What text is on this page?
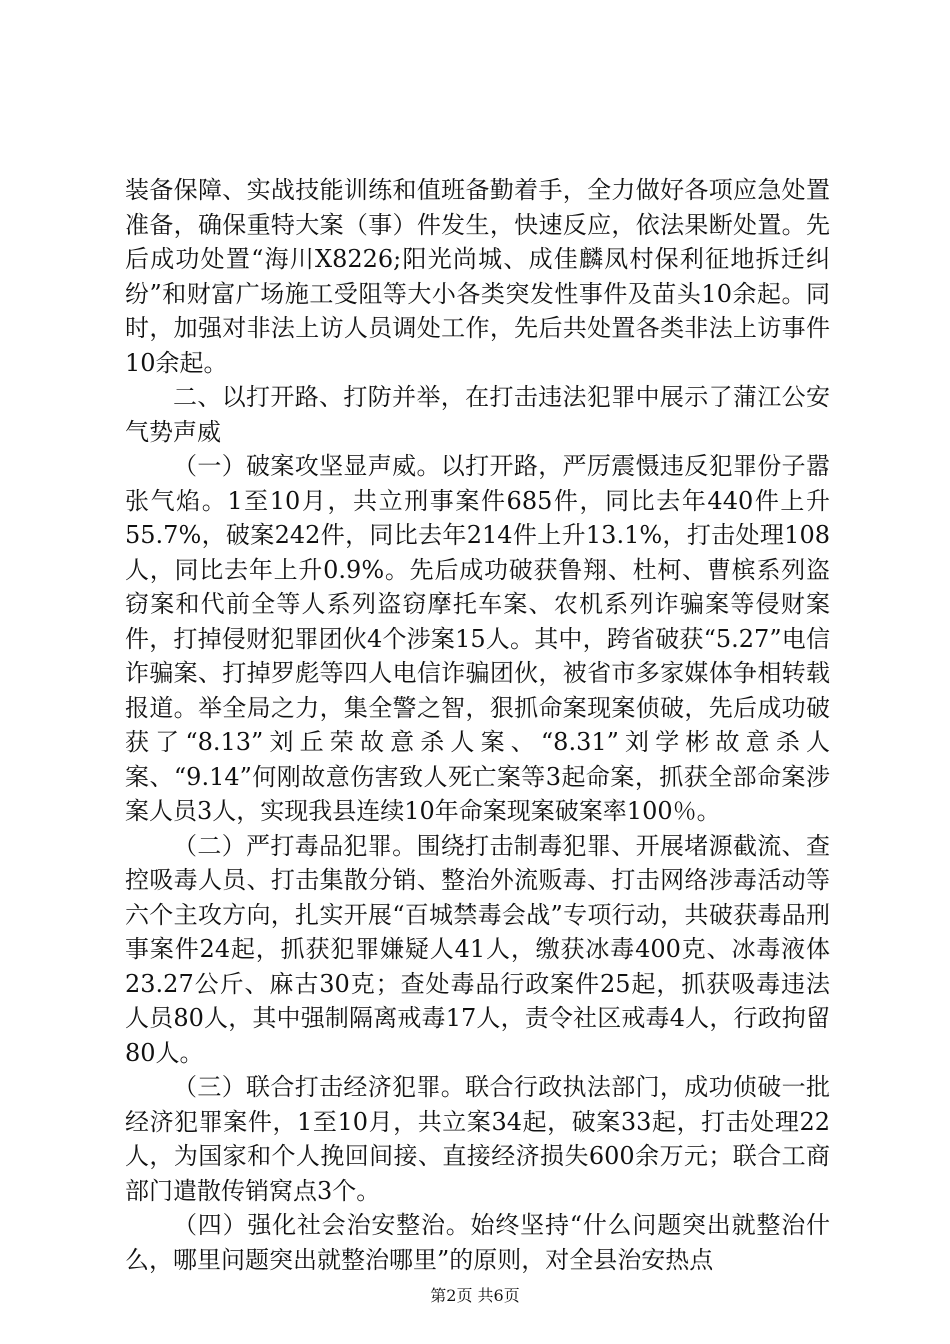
装备保障、实战技能训练和值班备勤着手，全力做好各项应急处置准备，确保重特大案（事）件发生，快速反应，依法果断处置。先后成功处置“海川X8226;阳光尚城、成佳麟凤村保利征地拆迁纠纷”和财富广场施工受阻等大小各类突发性事件及苗头10余起。同时，加强对非法上访人员调处工作，先后共处置各类非法上访事件10余起。

二、以打开路、打防并举，在打击违法犯罪中展示了蒲江公安气势声威

（一）破案攻坚显声威。以打开路，严厉震慑违反犯罪份子嚣张气焰。1至10月，共立刑事案件685件，同比去年440件上升55.7%，破案242件，同比去年214件上升13.1%，打击处理108人，同比去年上升0.9%。先后成功破获鲁翔、杜柯、曹槟系列盗窃案和代前全等人系列盗窃摩托车案、农机系列诈骗案等侵财案件，打掉侵财犯罪团伙4个涉案15人。其中，跨省破获“5.27”电信诈骗案、打掉罗彪等四人电信诈骗团伙，被省市多家媒体争相转载报道。举全局之力，集全警之智，狠抓命案现案侦破，先后成功破获了“8.13”刘丘荣故意杀人案、“8.31”刘学彬故意杀人案、“9.14”何刚故意伤害致人死亡案等3起命案，抓获全部命案涉案人员3人，实现我县连续10年命案现案破案率100％。

（二）严打毒品犯罪。围绕打击制毒犯罪、开展堵源截流、查控吸毒人员、打击集散分销、整治外流贩毒、打击网络涉毒活动等六个主攻方向，扎实开展“百城禁毒会战”专项行动，共破获毒品刑事案件24起，抓获犯罪嫌疑人41人，缴获冰毒400克、冰毒液体23.27公斤、麻古30克；查处毒品行政案件25起，抓获吸毒违法人员80人，其中强制隔离戒毒17人，责令社区戒毒4人，行政拘留80人。

（三）联合打击经济犯罪。联合行政执法部门，成功侦破一批经济犯罪案件，1至10月，共立案34起，破案33起，打击处理22人，为国家和个人挽回间接、直接经济损失600余万元；联合工商部门遣散传销窝点3个。

（四）强化社会治安整治。始终坚持“什么问题突出就整治什么，哪里问题突出就整治哪里”的原则，对全县治安热点

第2页 共6页
